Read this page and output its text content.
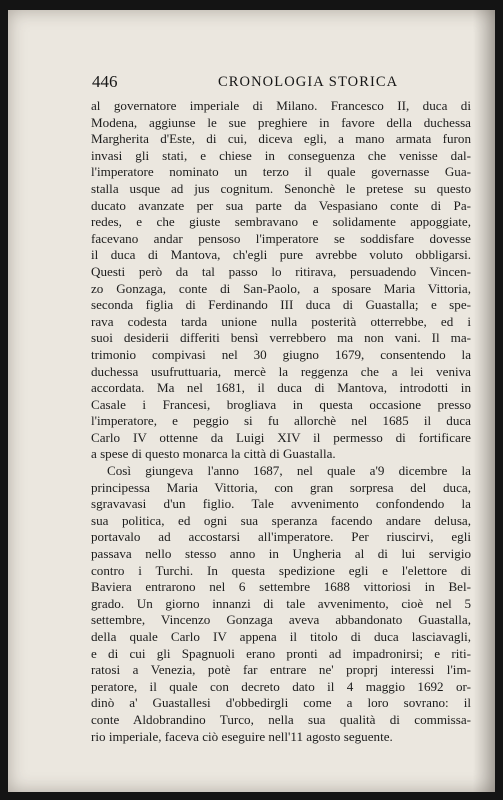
446	CRONOLOGIA STORICA
al governatore imperiale di Milano. Francesco II, duca di
Modena, aggiunse le sue preghiere in favore della duchessa
Margherita d'Este, di cui, diceva egli, a mano armata furon
invasi gli stati, e chiese in conseguenza che venisse dal-
l'imperatore nominato un terzo il quale governasse Gua-
stalla usque ad jus cognitum. Senonchè le pretese su questo
ducato avanzate per sua parte da Vespasiano conte di Pa-
redes, e che giuste sembravano e solidamente appoggiate,
facevano andar pensoso l'imperatore se soddisfare dovesse
il duca di Mantova, ch'egli pure avrebbe voluto obbligarsi.
Questi però da tal passo lo ritirava, persuadendo Vincen-
zo Gonzaga, conte di San-Paolo, a sposare Maria Vittoria,
seconda figlia di Ferdinando III duca di Guastalla; e spe-
rava codesta tarda unione nulla posterità otterrebbe, ed i
suoi desiderii differiti bensì verrebbero ma non vani. Il ma-
trimonio compivasi nel 30 giugno 1679, consentendo la
duchessa usufruttuaria, mercè la reggenza che a lei veniva
accordata. Ma nel 1681, il duca di Mantova, introdotti in
Casale i Francesi, brogliava in questa occasione presso
l'imperatore, e peggio si fu allorchè nel 1685 il duca
Carlo IV ottenne da Luigi XIV il permesso di fortificare
a spese di questo monarca la città di Guastalla.
Così giungeva l'anno 1687, nel quale a'9 dicembre la
principessa Maria Vittoria, con gran sorpresa del duca,
sgravavasi d'un figlio. Tale avvenimento confondendo la
sua politica, ed ogni sua speranza facendo andare delusa,
portavalo ad accostarsi all'imperatore. Per riuscirvi, egli
passava nello stesso anno in Ungheria al di lui servigio
contro i Turchi. In questa spedizione egli e l'elettore di
Baviera entrarono nel 6 settembre 1688 vittoriosi in Bel-
grado. Un giorno innanzi di tale avvenimento, cioè nel 5
settembre, Vincenzo Gonzaga aveva abbandonato Guastalla,
della quale Carlo IV appena il titolo di duca lasciavagli,
e di cui gli Spagnuoli erano pronti ad impadronirsi; e riti-
ratosi a Venezia, potè far entrare ne' proprj interessi l'im-
peratore, il quale con decreto dato il 4 maggio 1692 or-
dinò a' Guastallesi d'obbedirgli come a loro sovrano: il
conte Aldobrandino Turco, nella sua qualità di commissa-
rio imperiale, faceva ciò eseguire nell'11 agosto seguente.
